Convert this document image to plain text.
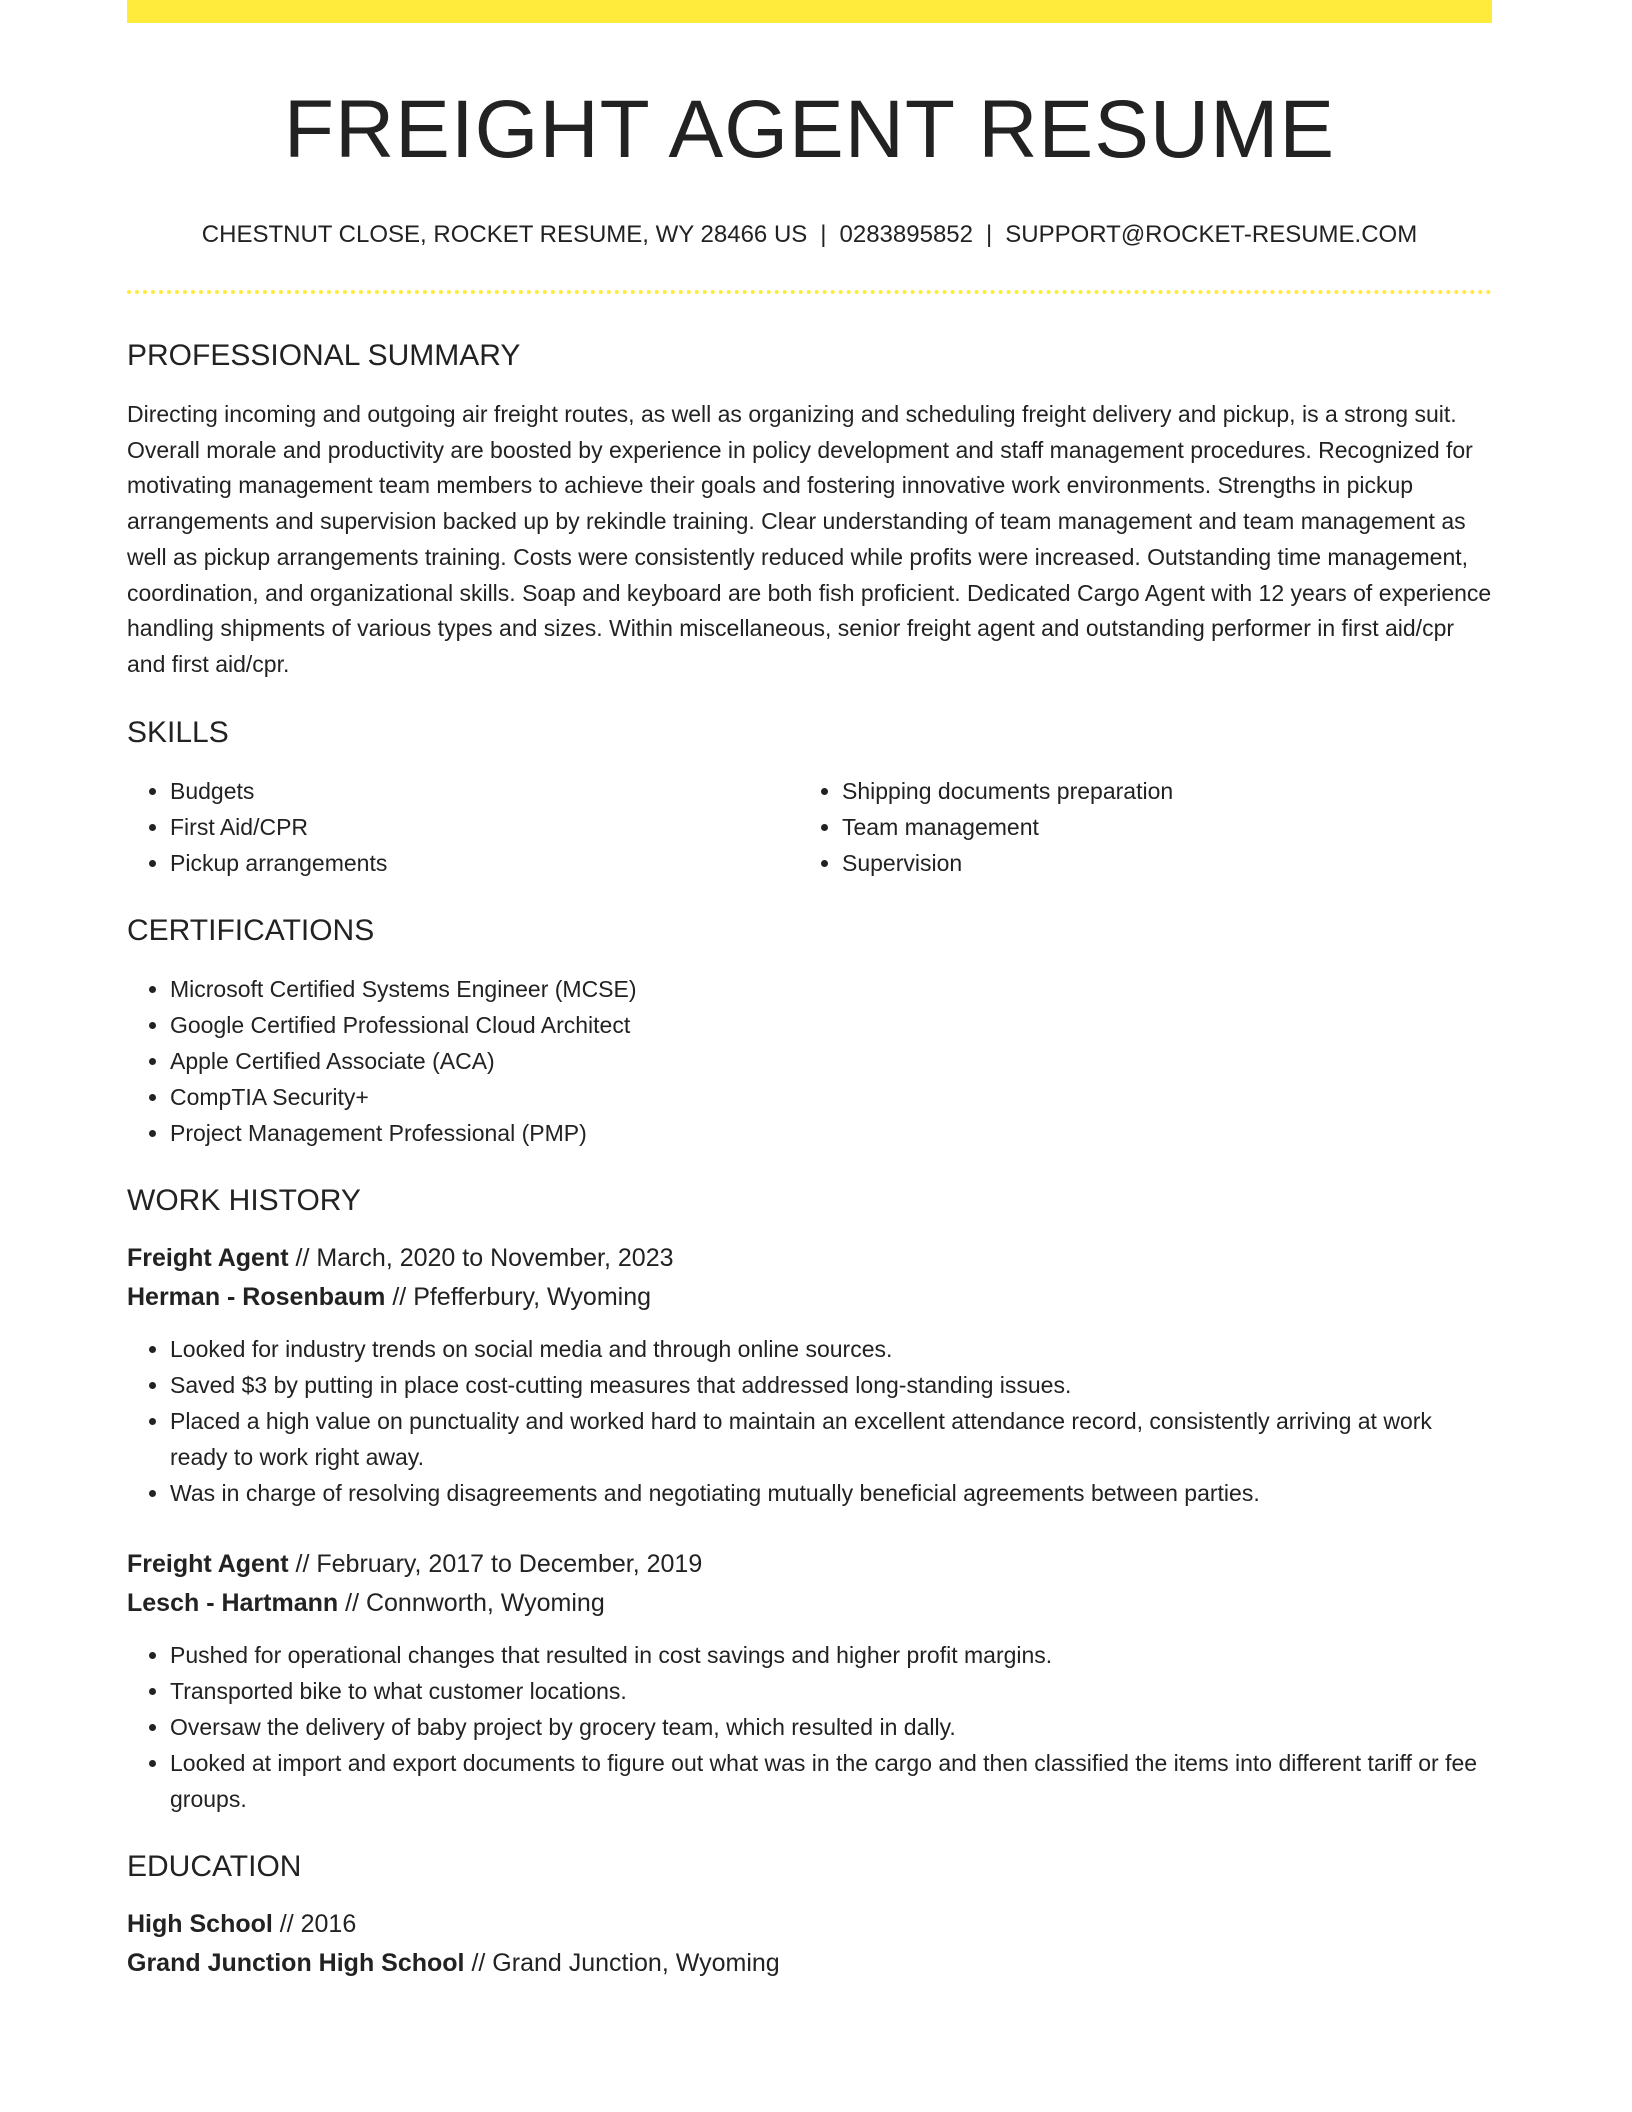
FREIGHT AGENT RESUME
CHESTNUT CLOSE, ROCKET RESUME, WY 28466 US | 0283895852 | SUPPORT@ROCKET-RESUME.COM
PROFESSIONAL SUMMARY

Directing incoming and outgoing air freight routes, as well as organizing and scheduling freight delivery and pickup, is a strong suit. Overall morale and productivity are boosted by experience in policy development and staff management procedures. Recognized for motivating management team members to achieve their goals and fostering innovative work environments. Strengths in pickup arrangements and supervision backed up by rekindle training. Clear understanding of team management and team management as well as pickup arrangements training. Costs were consistently reduced while profits were increased. Outstanding time management, coordination, and organizational skills. Soap and keyboard are both fish proficient. Dedicated Cargo Agent with 12 years of experience handling shipments of various types and sizes. Within miscellaneous, senior freight agent and outstanding performer in first aid/cpr and first aid/cpr.

SKILLS
• Budgets
• First Aid/CPR
• Pickup arrangements
• Shipping documents preparation
• Team management
• Supervision
CERTIFICATIONS
• Microsoft Certified Systems Engineer (MCSE)
• Google Certified Professional Cloud Architect
• Apple Certified Associate (ACA)
• CompTIA Security+
• Project Management Professional (PMP)
WORK HISTORY
Freight Agent // March, 2020 to November, 2023
Herman - Rosenbaum // Pfefferbury, Wyoming
• Looked for industry trends on social media and through online sources.
• Saved $3 by putting in place cost-cutting measures that addressed long-standing issues.
• Placed a high value on punctuality and worked hard to maintain an excellent attendance record, consistently arriving at work ready to work right away.
• Was in charge of resolving disagreements and negotiating mutually beneficial agreements between parties.
Freight Agent // February, 2017 to December, 2019
Lesch - Hartmann // Connworth, Wyoming
• Pushed for operational changes that resulted in cost savings and higher profit margins.
• Transported bike to what customer locations.
• Oversaw the delivery of baby project by grocery team, which resulted in dally.
• Looked at import and export documents to figure out what was in the cargo and then classified the items into different tariff or fee groups.
EDUCATION
High School // 2016
Grand Junction High School // Grand Junction, Wyoming
